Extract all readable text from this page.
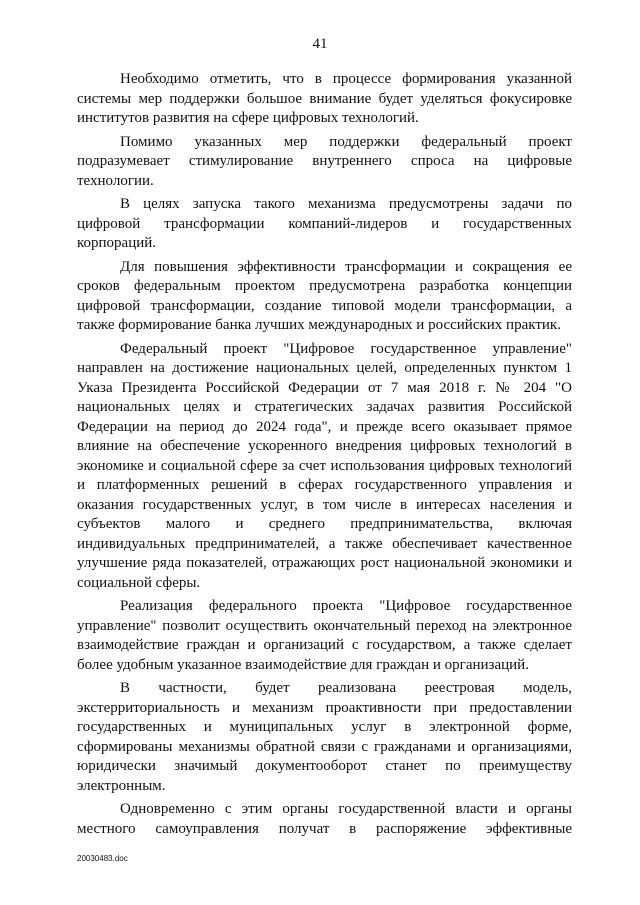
41

Необходимо отметить, что в процессе формирования указанной системы мер поддержки большое внимание будет уделяться фокусировке институтов развития на сфере цифровых технологий.

Помимо указанных мер поддержки федеральный проект подразумевает стимулирование внутреннего спроса на цифровые технологии.

В целях запуска такого механизма предусмотрены задачи по цифровой трансформации компаний-лидеров и государственных корпораций.

Для повышения эффективности трансформации и сокращения ее сроков федеральным проектом предусмотрена разработка концепции цифровой трансформации, создание типовой модели трансформации, а также формирование банка лучших международных и российских практик.

Федеральный проект "Цифровое государственное управление" направлен на достижение национальных целей, определенных пунктом 1 Указа Президента Российской Федерации от 7 мая 2018 г. № 204 "О национальных целях и стратегических задачах развития Российской Федерации на период до 2024 года", и прежде всего оказывает прямое влияние на обеспечение ускоренного внедрения цифровых технологий в экономике и социальной сфере за счет использования цифровых технологий и платформенных решений в сферах государственного управления и оказания государственных услуг, в том числе в интересах населения и субъектов малого и среднего предпринимательства, включая индивидуальных предпринимателей, а также обеспечивает качественное улучшение ряда показателей, отражающих рост национальной экономики и социальной сферы.

Реализация федерального проекта "Цифровое государственное управление" позволит осуществить окончательный переход на электронное взаимодействие граждан и организаций с государством, а также сделает более удобным указанное взаимодействие для граждан и организаций.

В частности, будет реализована реестровая модель, экстерриториальность и механизм проактивности при предоставлении государственных и муниципальных услуг в электронной форме, сформированы механизмы обратной связи с гражданами и организациями, юридически значимый документооборот станет по преимуществу электронным.

Одновременно с этим органы государственной власти и органы местного самоуправления получат в распоряжение эффективные

20030483.doc
